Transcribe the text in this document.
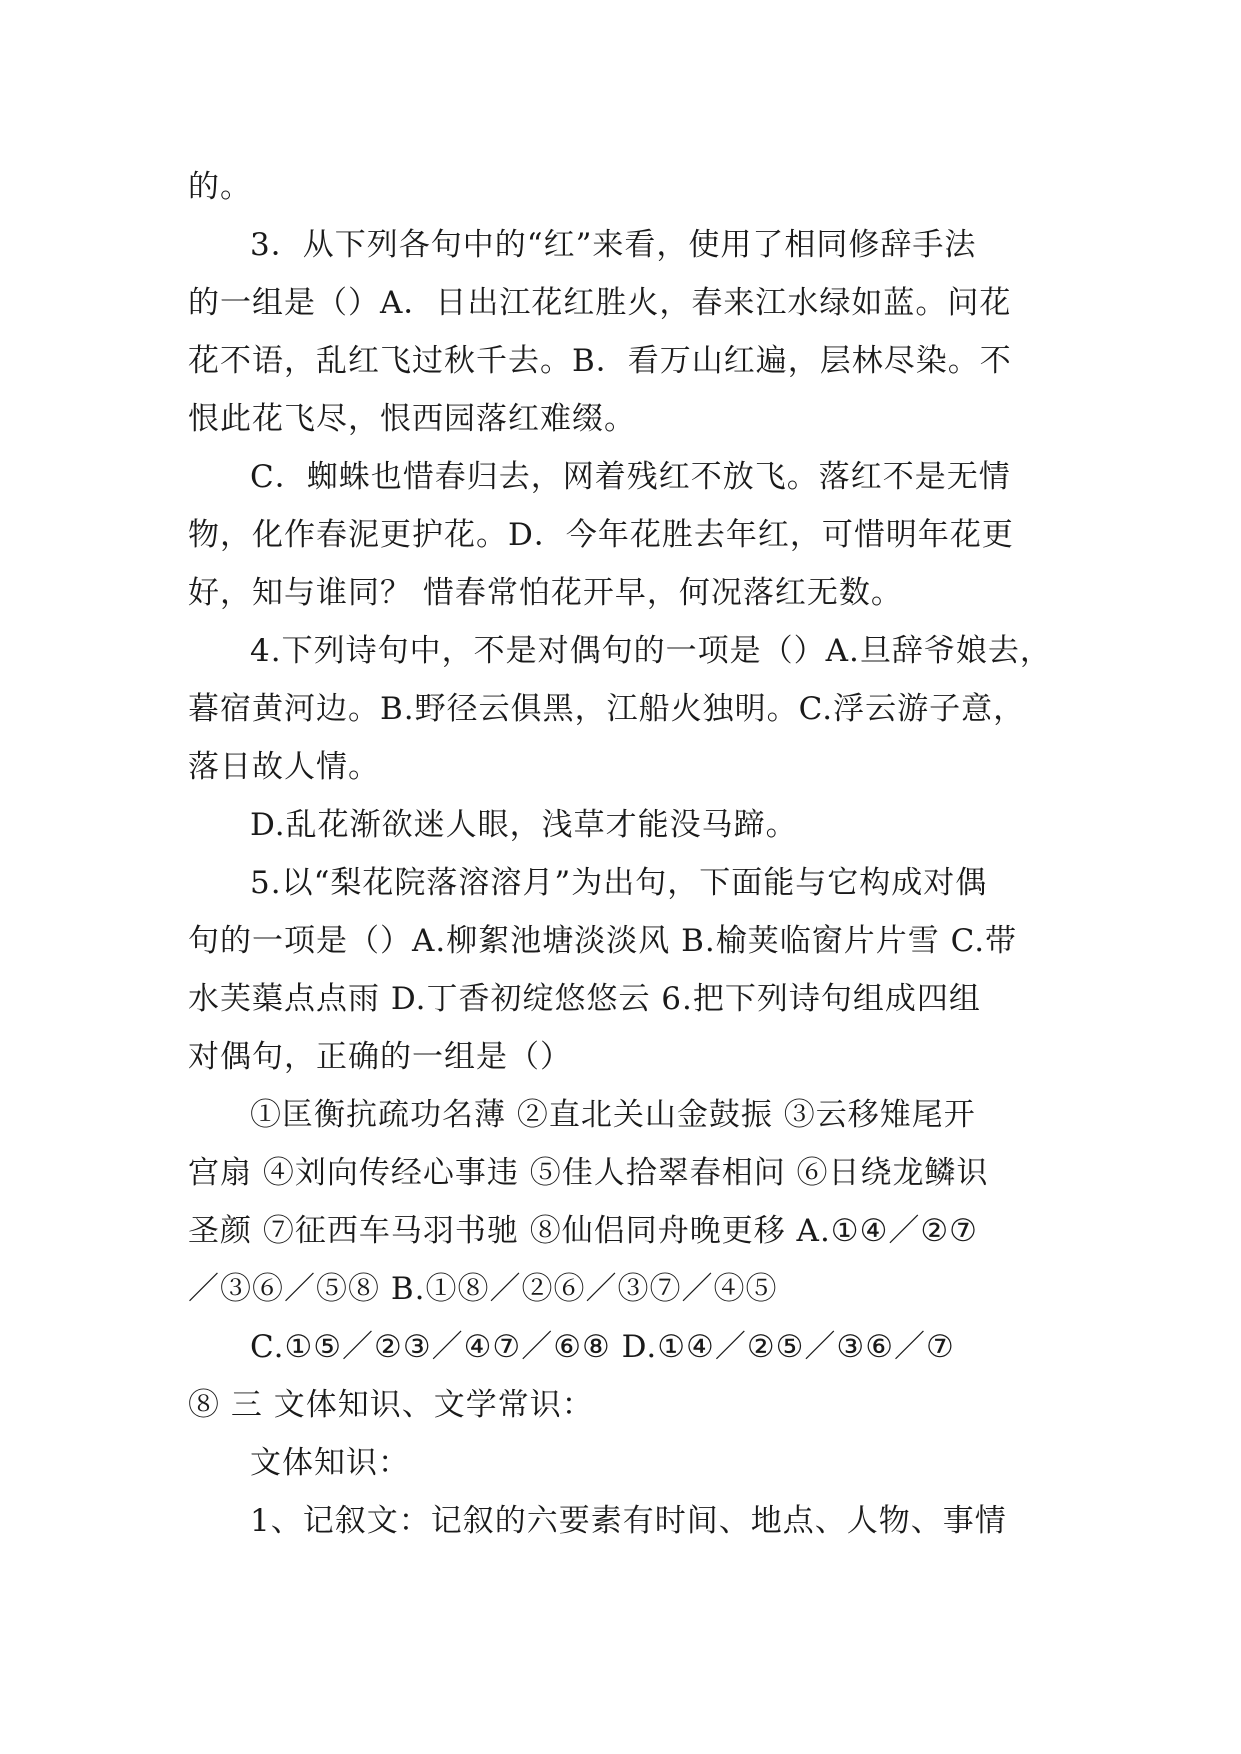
的。
3．从下列各句中的“红”来看，使用了相同修辞手法
的一组是（）A．日出江花红胜火，春来江水绿如蓝。问花
花不语，乱红飞过秋千去。B．看万山红遍，层林尽染。不
恨此花飞尽，恨西园落红难缀。
C．蜘蛛也惜春归去，网着残红不放飞。落红不是无情
物，化作春泥更护花。D．今年花胜去年红，可惜明年花更
好，知与谁同？ 惜春常怕花开早，何况落红无数。
4.下列诗句中，不是对偶句的一项是（）A.旦辞爷娘去，
暮宿黄河边。B.野径云俱黑，江船火独明。C.浮云游子意，
落日故人情。
D.乱花渐欲迷人眼，浅草才能没马蹄。
5.以“梨花院落溶溶月”为出句，下面能与它构成对偶
句的一项是（）A.柳絮池塘淡淡风 B.榆荚临窗片片雪 C.带
水芙蕖点点雨 D.丁香初绽悠悠云 6.把下列诗句组成四组
对偶句，正确的一组是（）
①匡衡抗疏功名薄 ②直北关山金鼓振 ③云移雉尾开
宫扇 ④刘向传经心事违 ⑤佳人拾翠春相问 ⑥日绕龙鳞识
圣颜 ⑦征西车马羽书驰 ⑧仙侣同舟晚更移 A.①④／②⑦
／③⑥／⑤⑧ B.①⑧／②⑥／③⑦／④⑤
C.①⑤／②③／④⑦／⑥⑧ D.①④／②⑤／③⑥／⑦
⑧ 三 文体知识、文学常识：
文体知识：
1、记叙文：记叙的六要素有时间、地点、人物、事情
